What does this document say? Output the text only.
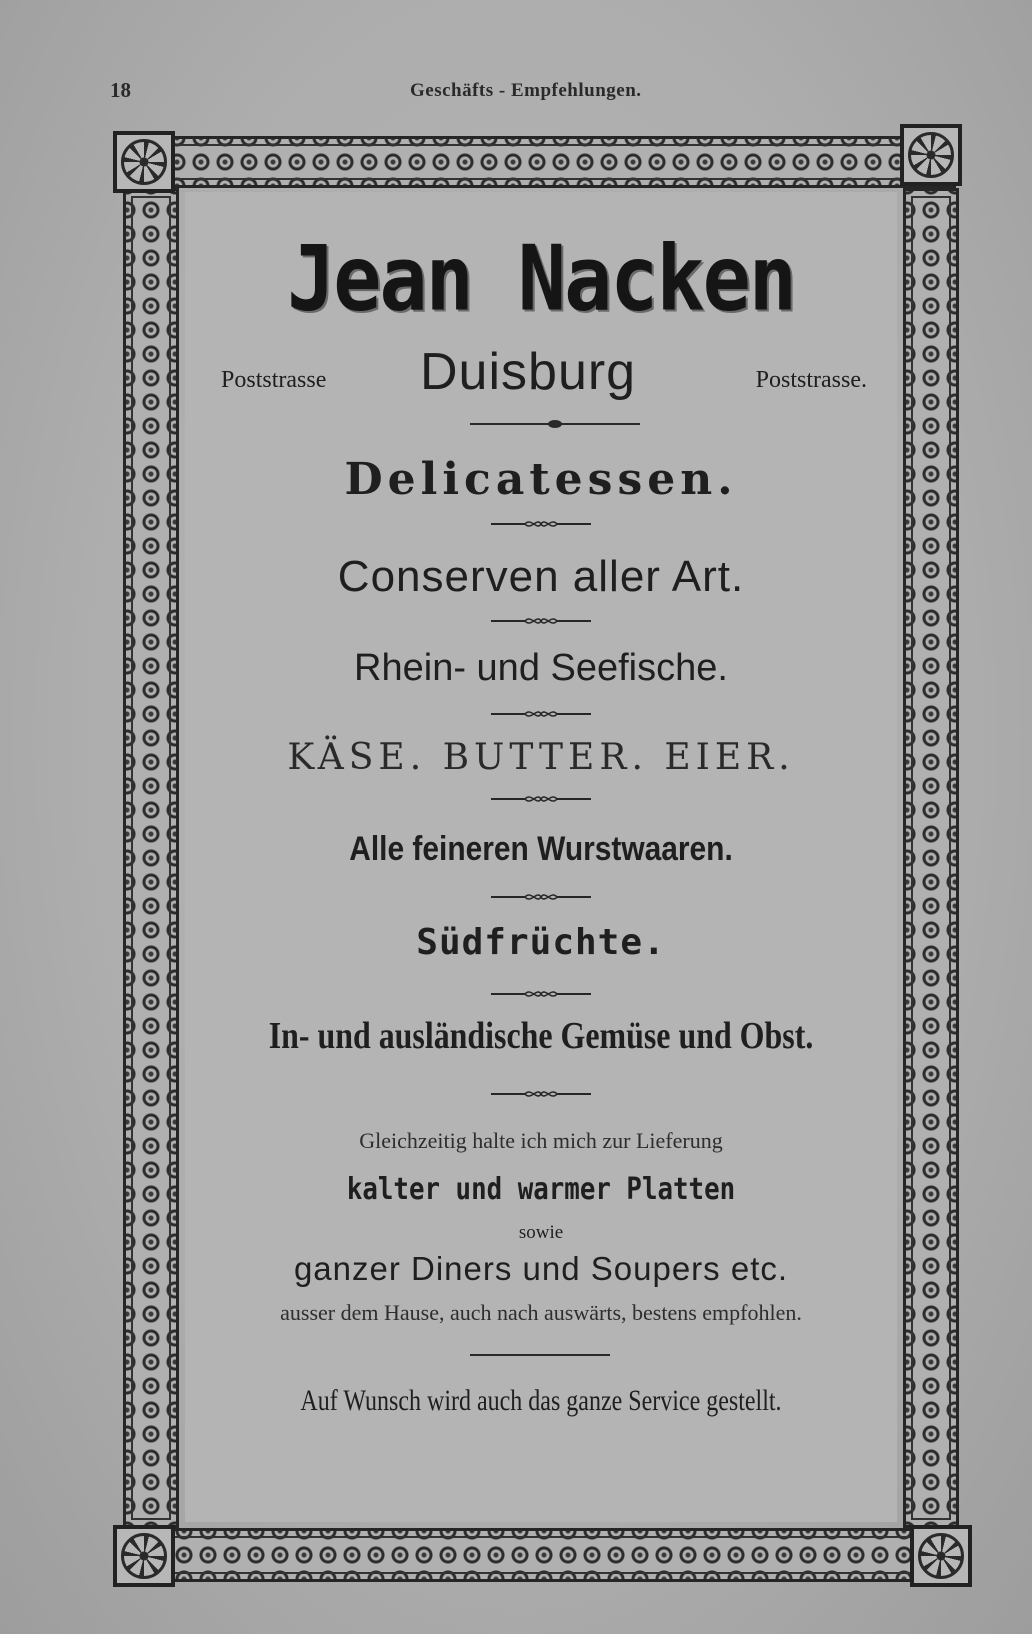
18	Geschäfts - Empfehlungen.
Jean Nacken
Poststrasse Duisburg	Poststrasse.
Delicatessen.
Conserven aller Art.
Rhein- und Seefische.
KÄSE. BUTTER. EIER.
Alle feineren Wurstwaaren.
Südfrüchte.
In- und ausländische Gemüse und Obst.
Gleichzeitig halte ich mich zur Lieferung
kalter und warmer Platten
sowie
ganzer Diners und Soupers etc.
ausser dem Hause, auch nach auswärts, bestens empfohlen.
Auf Wunsch wird auch das ganze Service gestellt.
